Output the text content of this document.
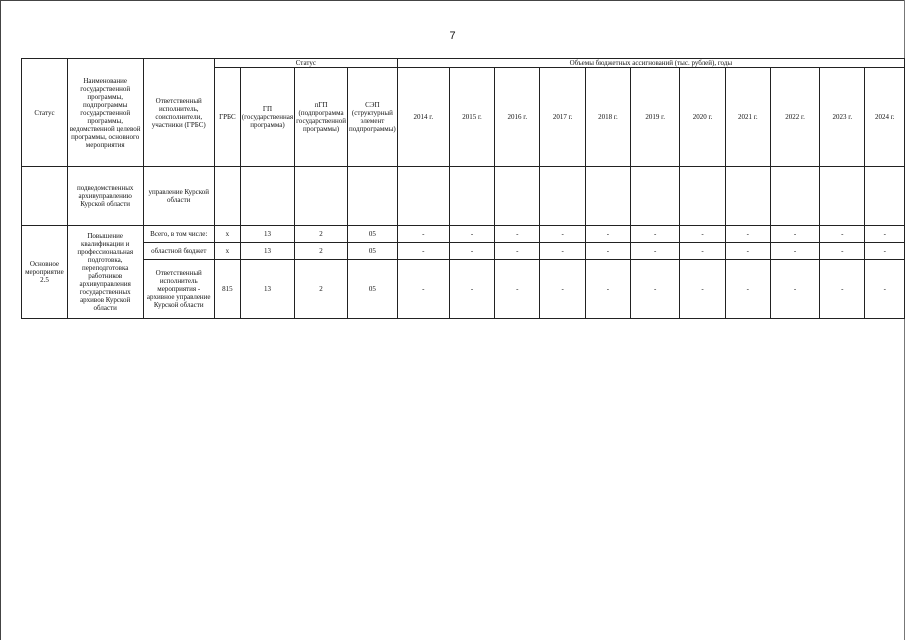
7
Статус	Наименование государственной программы, подпрограммы государственной программы, ведомственной целевой программы, основного мероприятия	Ответственный исполнитель, соисполнители, участники (ГРБС)	Статус				Объемы бюджетных ассигнований (тыс. рублей), годы										
			ГРБС	ГП (государственная программа)	пГП (подпрограмма государственной программы)	СЭП (структурный элемент подпрограммы)	2014 г.	2015 г.	2016 г.	2017 г.	2018 г.	2019 г.	2020 г.	2021 г.	2022 г.	2023 г.	2024 г.
	подведомственных архивуправлению Курской области	управление Курской области															
Основное мероприятие 2.5	Повышение квалификации и профессиональная подготовка, переподготовка работников архивуправления государственных архивов Курской области	Всего, в том числе:	x	13	2	05	-	-	-	-	-	-	-	-	-	-	-
		областной бюджет	x	13	2	05	-	-	-	-	-	-	-	-	-	-	-
		Ответственный исполнитель мероприятия - архивное управление Курской области	815	13	2	05	-	-	-	-	-	-	-	-	-	-	-
